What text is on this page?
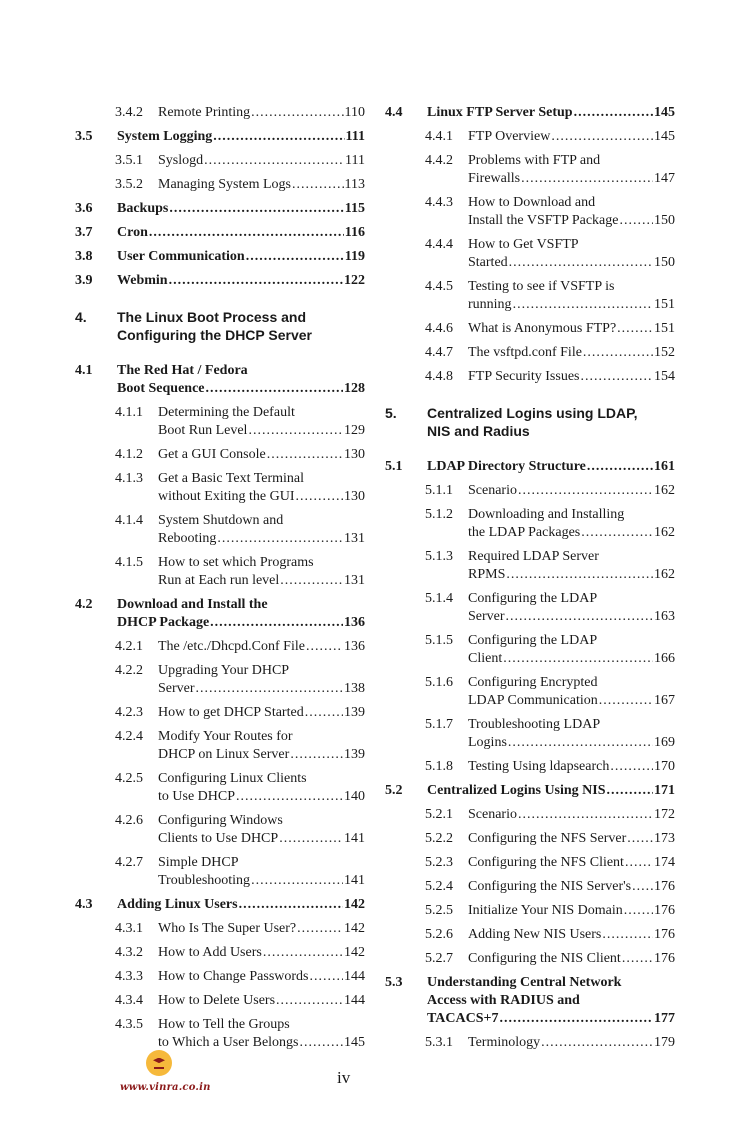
3.4.2 Remote Printing .....	110
3.5 System Logging .....	111
3.5.1 Syslogd .....	111
3.5.2 Managing System Logs .....	113
3.6 Backups .....	115
3.7 Cron .....	116
3.8 User Communication .....	119
3.9 Webmin .....	122
4. The Linux Boot Process and
Configuring the DHCP Server
4.1 The Red Hat / Fedora
Boot Sequence .....	128
4.1.1 Determining the Default
Boot Run Level .....	129
4.1.2 Get a GUI Console .....	130
4.1.3 Get a Basic Text Terminal
without Exiting the GUI .....	130
4.1.4 System Shutdown and
Rebooting .....	131
4.1.5 How to set which Programs
Run at Each run level .....	131
4.2 Download and Install the
DHCP Package .....	136
4.2.1 The /etc./Dhcpd.Conf File .....	136
4.2.2 Upgrading Your DHCP
Server .....	138
4.2.3 How to get DHCP Started .....	139
4.2.4 Modify Your Routes for
DHCP on Linux Server .....	139
4.2.5 Configuring Linux Clients
to Use DHCP .....	140
4.2.6 Configuring Windows
Clients to Use DHCP .....	141
4.2.7 Simple DHCP
Troubleshooting .....	141
4.3 Adding Linux Users .....	142
4.3.1 Who Is The Super User? .....	142
4.3.2 How to Add Users .....	142
4.3.3 How to Change Passwords .....	144
4.3.4 How to Delete Users .....	144
4.3.5 How to Tell the Groups
to Which a User Belongs .....	145
4.4 Linux FTP Server Setup .....	145
4.4.1 FTP Overview .....	145
4.4.2 Problems with FTP and
Firewalls .....	147
4.4.3 How to Download and
Install the VSFTP Package .....	150
4.4.4 How to Get VSFTP
Started .....	150
4.4.5 Testing to see if VSFTP is
running .....	151
4.4.6 What is Anonymous FTP? .....	151
4.4.7 The vsftpd.conf File .....	152
4.4.8 FTP Security Issues .....	154
5. Centralized Logins using LDAP,
NIS and Radius
5.1 LDAP Directory Structure .....	161
5.1.1 Scenario .....	162
5.1.2 Downloading and Installing
the LDAP Packages .....	162
5.1.3 Required LDAP Server
RPMS .....	162
5.1.4 Configuring the LDAP
Server .....	163
5.1.5 Configuring the LDAP
Client .....	166
5.1.6 Configuring Encrypted
LDAP Communication .....	167
5.1.7 Troubleshooting LDAP
Logins .....	169
5.1.8 Testing Using ldapsearch .....	170
5.2 Centralized Logins Using NIS .....	171
5.2.1 Scenario .....	172
5.2.2 Configuring the NFS Server ..... 173
5.2.3 Configuring the NFS Client ..... 174
5.2.4 Configuring the NIS Server's ..... 176
5.2.5 Initialize Your NIS Domain ..... 176
5.2.6 Adding New NIS Users .....	176
5.2.7 Configuring the NIS Client ..... 176
5.3 Understanding Central Network
Access with RADIUS and
TACACS+7 .....	177
5.3.1 Terminology .....	179
www.vinra.co.in
iv
